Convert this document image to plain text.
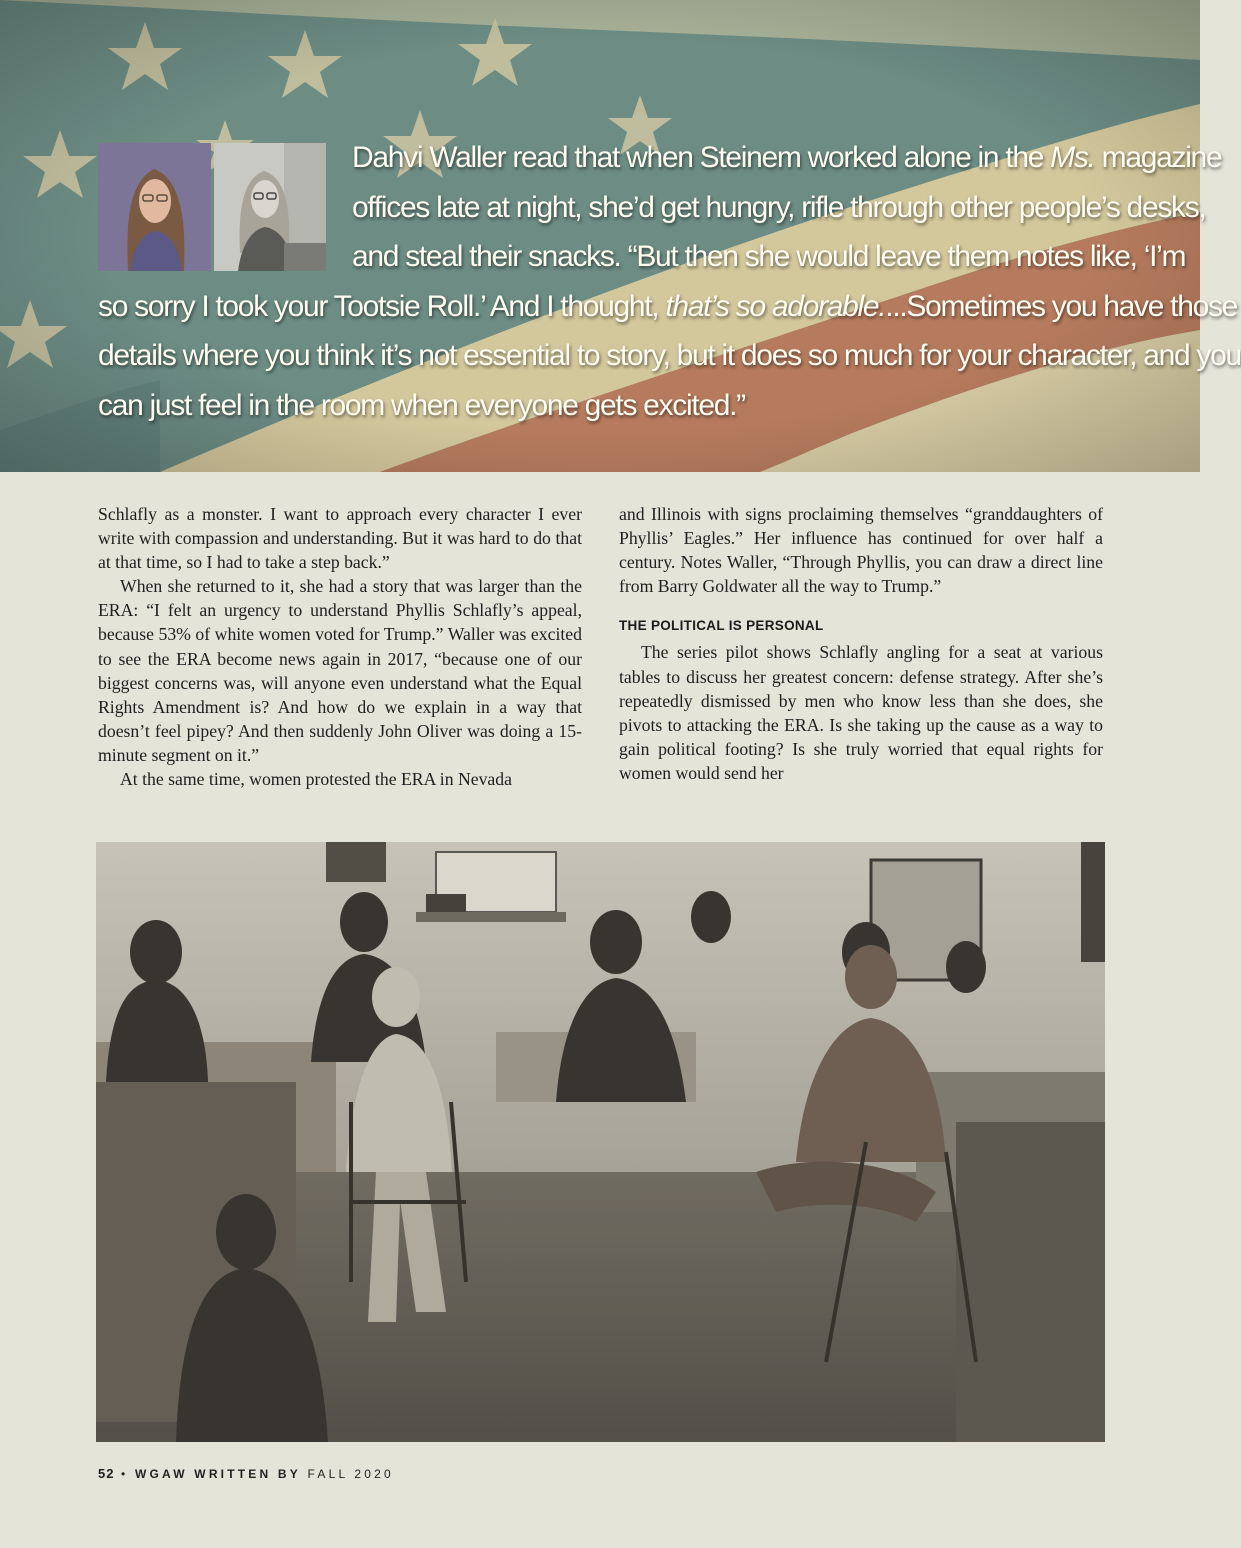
Dahvi Waller read that when Steinem worked alone in the Ms. magazine
offices late at night, she’d get hungry, rifle through other people’s desks,
and steal their snacks. “But then she would leave them notes like, ‘I’m
so sorry I took your Tootsie Roll.’ And I thought, that’s so adorable....Sometimes you have those
details where you think it’s not essential to story, but it does so much for your character, and you
can just feel in the room when everyone gets excited.”

Schlafly as a monster. I want to approach every character I ever write with compassion and understanding. But it was hard to do that at that time, so I had to take a step back.”

When she returned to it, she had a story that was larger than the ERA: “I felt an urgency to understand Phyllis Schlafly’s appeal, because 53% of white women voted for Trump.” Waller was excited to see the ERA become news again in 2017, “because one of our biggest concerns was, will anyone even understand what the Equal Rights Amendment is? And how do we explain in a way that doesn’t feel pipey? And then suddenly John Oliver was doing a 15-minute segment on it.”

At the same time, women protested the ERA in Nevada

and Illinois with signs proclaiming themselves “granddaughters of Phyllis’ Eagles.” Her influence has continued for over half a century. Notes Waller, “Through Phyllis, you can draw a direct line from Barry Goldwater all the way to Trump.”

THE POLITICAL IS PERSONAL

The series pilot shows Schlafly angling for a seat at various tables to discuss her greatest concern: defense strategy. After she’s repeatedly dismissed by men who know less than she does, she pivots to attacking the ERA. Is she taking up the cause as a way to gain political footing? Is she truly worried that equal rights for women would send her

52 • WGAW WRITTEN BY FALL 2020
